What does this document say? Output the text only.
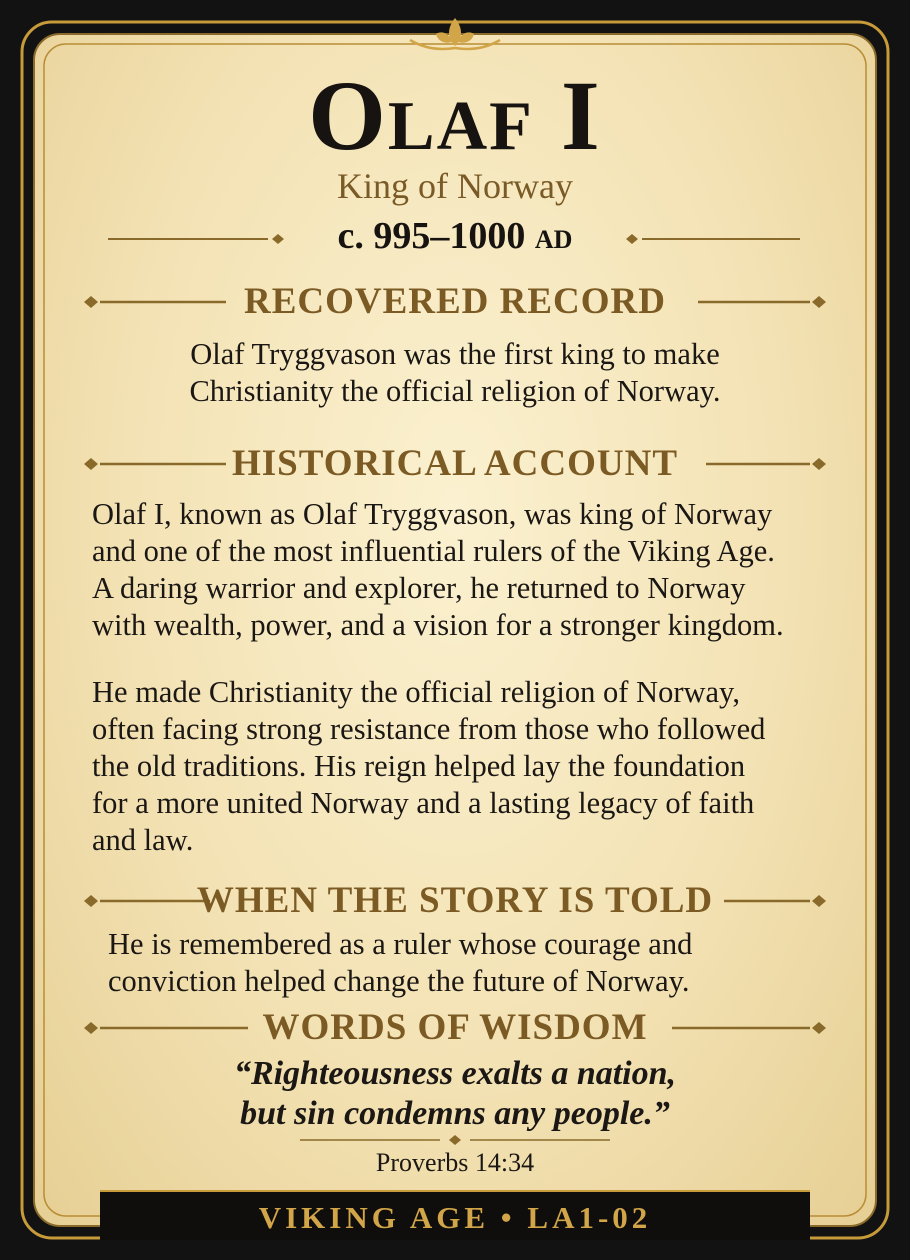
Olaf I
King of Norway
c. 995–1000 AD
RECOVERED RECORD
Olaf Tryggvason was the first king to make
Christianity the official religion of Norway.
HISTORICAL ACCOUNT
Olaf I, known as Olaf Tryggvason, was king of Norway
and one of the most influential rulers of the Viking Age.
A daring warrior and explorer, he returned to Norway
with wealth, power, and a vision for a stronger kingdom.
He made Christianity the official religion of Norway,
often facing strong resistance from those who followed
the old traditions. His reign helped lay the foundation
for a more united Norway and a lasting legacy of faith
and law.
WHEN THE STORY IS TOLD
He is remembered as a ruler whose courage and
conviction helped change the future of Norway.
WORDS OF WISDOM
“Righteousness exalts a nation,
but sin condemns any people.”
Proverbs 14:34
VIKING AGE • LA1-02
